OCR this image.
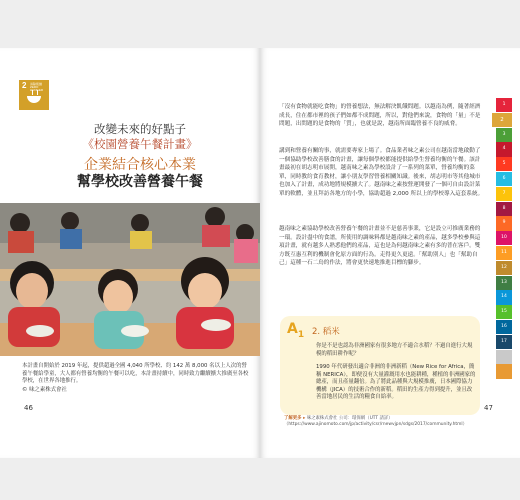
2 消除飢餓
ZERO HUNGER
改變未來的好點子
《校園營養午餐計畫》
企業結合核心本業
幫學校改善營養午餐
本計畫自開始於 2019 年起，提供超過全國 4,040 所學校、約 142 萬 8,000 名以上人次的營養午餐給學童，大人都有營養均衡的午餐可以吃，本計畫持續中，同時致力繼續擴大推廣至各校學校，在世界各地推行。
© 味之素株式會社
46

「沒有食物就能吃食物」的營養想法，無法解決飢餓問題。以越南為例，隨著經濟成長，住在都市裡的孩子們如都不成問題，所以，對他們來說，食物的「量」不是問題，出問題的是食物的「質」，也就是說，越南所面臨營養不良的威脅。

講到和營養有關的事，就需要專家上場了。食品業者味之素公司在越南當地啟動了一個協助學校改善膳食的計畫，讓每個學校都能提供給學生營養均衡的午餐。該計畫最初在胡志明市展開，越南味之素為學校設計了一系列的菜單，營養均衡的菜單，同時教約食育教材，讓小朋友學習營養相關知識。後來，胡志明市等其他城市也加入了計畫，成功地將規模擴大了。越南味之素按營運開發了一個可自由設計菜單的軟體，並且拜訪各地方的小學，協助超過 2,000 所以上的學校導入這套系統。

越南味之素協助學校改善營養午餐的計畫並不是慈善事業，它是設立可推廣業務的一環。設計盡中的食譜，所使用的調味料都是越南味之素的產品，越多學校參與這項計畫，就有越多人熟悉他們的產品，這也是為何越南味之素有多的普在客戶。雙方既互惠互利的機制會化原方面的行為。走得更久更遠。「幫助別人」也「幫助自己」這種一石二鳥的作法，將會更快速地推進目標的腳步。

$A_1$ 2. 稻米
你是不是也認為非洲國家有很多地方不適合水稻？不過自進行大規模的稻田耕作呢？
1990 年代研發出適合非洲的非洲新稻（New Rice for Africa，簡稱 NERICA），即便沒有大量灌溉用水也能耕種，種植的非洲國家的總產，而且產量翻倍。為了將此品種與大規模推廣，日本國際協力機構（JICA）的技術合作的新稻。稻田的生產力得到提升，並且改善當地居民的生活的糧食自給率。
了解更多 ▸ 味之素株式會社 公司：環保網（UTT 請詳）（https://www.ajinomoto.com/jp/activity/csr/rnewvjpn/sdgs/2017/community.html）
47
1
2
3
4
5
6
7
8
9
10
11
12
13
14
15
16
17
